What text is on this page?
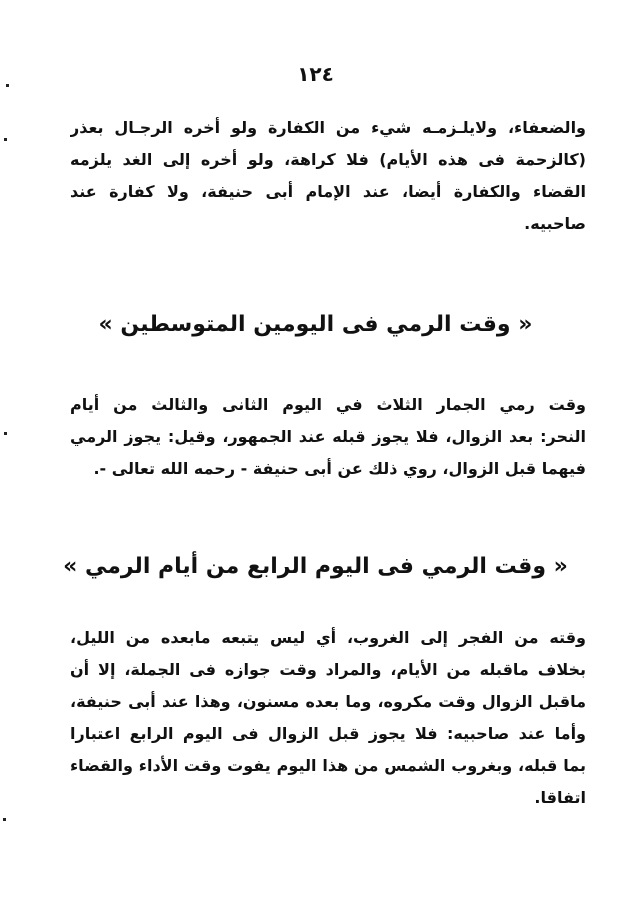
١٢٤
والضعفاء، ولايلـزمـه شيء من الكفارة ولو أخره الرجـال بعذر
(كالزحمة فى هذه الأيام) فلا كراهة، ولو أخره إلى الغد يلزمه
القضاء والكفارة أيضا، عند الإمام أبى حنيفة، ولا كفارة عند
صاحبيه.
« وقت الرمي فى اليومين المتوسطين »
وقت رمي الجمار الثلاث في اليوم الثانى والثالث من أيام
النحر: بعد الزوال، فلا يجوز قبله عند الجمهور، وقيل: يجوز الرمي
فيهما قبل الزوال، روي ذلك عن أبى حنيفة - رحمه الله تعالى -.
« وقت الرمي فى اليوم الرابع من أيام الرمي »
وقته من الفجر إلى الغروب، أي ليس يتبعه مابعده من الليل،
بخلاف ماقبله من الأيام، والمراد وقت جوازه فى الجملة، إلا أن
ماقبل الزوال وقت مكروه، وما بعده مسنون، وهذا عند أبى حنيفة،
وأما عند صاحبيه: فلا يجوز قبل الزوال فى اليوم الرابع اعتبارا
بما قبله، وبغروب الشمس من هذا اليوم يفوت وقت الأداء والقضاء
اتفاقا.
